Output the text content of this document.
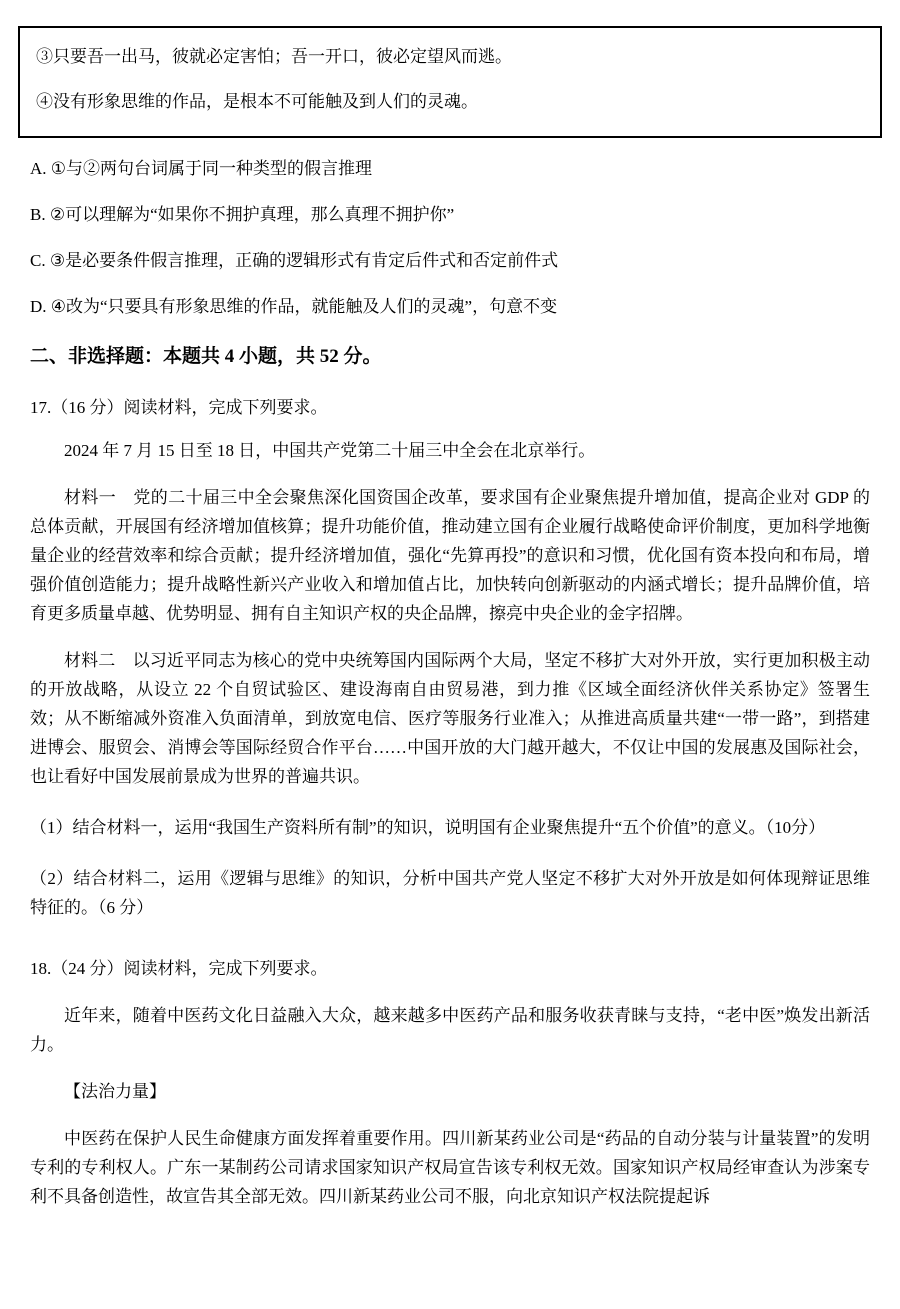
③只要吾一出马，彼就必定害怕；吾一开口，彼必定望风而逃。

④没有形象思维的作品，是根本不可能触及到人们的灵魂。

A. ①与②两句台词属于同一种类型的假言推理

B. ②可以理解为“如果你不拥护真理，那么真理不拥护你”

C. ③是必要条件假言推理，正确的逻辑形式有肯定后件式和否定前件式

D. ④改为“只要具有形象思维的作品，就能触及人们的灵魂”，句意不变

二、非选择题：本题共 4 小题，共 52 分。

17.（16 分）阅读材料，完成下列要求。

2024 年 7 月 15 日至 18 日，中国共产党第二十届三中全会在北京举行。

材料一　党的二十届三中全会聚焦深化国资国企改革，要求国有企业聚焦提升增加值，提高企业对 GDP 的总体贡献，开展国有经济增加值核算；提升功能价值，推动建立国有企业履行战略使命评价制度，更加科学地衡量企业的经营效率和综合贡献；提升经济增加值，强化“先算再投”的意识和习惯，优化国有资本投向和布局，增强价值创造能力；提升战略性新兴产业收入和增加值占比，加快转向创新驱动的内涵式增长；提升品牌价值，培育更多质量卓越、优势明显、拥有自主知识产权的央企品牌，擦亮中央企业的金字招牌。

材料二　以习近平同志为核心的党中央统筹国内国际两个大局，坚定不移扩大对外开放，实行更加积极主动的开放战略，从设立 22 个自贸试验区、建设海南自由贸易港，到力推《区域全面经济伙伴关系协定》签署生效；从不断缩减外资准入负面清单，到放宽电信、医疗等服务行业准入；从推进高质量共建“一带一路”，到搭建进博会、服贸会、消博会等国际经贸合作平台……中国开放的大门越开越大，不仅让中国的发展惠及国际社会，也让看好中国发展前景成为世界的普遍共识。

（1）结合材料一，运用“我国生产资料所有制”的知识，说明国有企业聚焦提升“五个价值”的意义。（10分）

（2）结合材料二，运用《逻辑与思维》的知识，分析中国共产党人坚定不移扩大对外开放是如何体现辩证思维特征的。（6 分）

18.（24 分）阅读材料，完成下列要求。

近年来，随着中医药文化日益融入大众，越来越多中医药产品和服务收获青睐与支持，“老中医”焕发出新活力。

【法治力量】

中医药在保护人民生命健康方面发挥着重要作用。四川新某药业公司是“药品的自动分装与计量装置”的发明专利的专利权人。广东一某制药公司请求国家知识产权局宣告该专利权无效。国家知识产权局经审查认为涉案专利不具备创造性，故宣告其全部无效。四川新某药业公司不服，向北京知识产权法院提起诉
